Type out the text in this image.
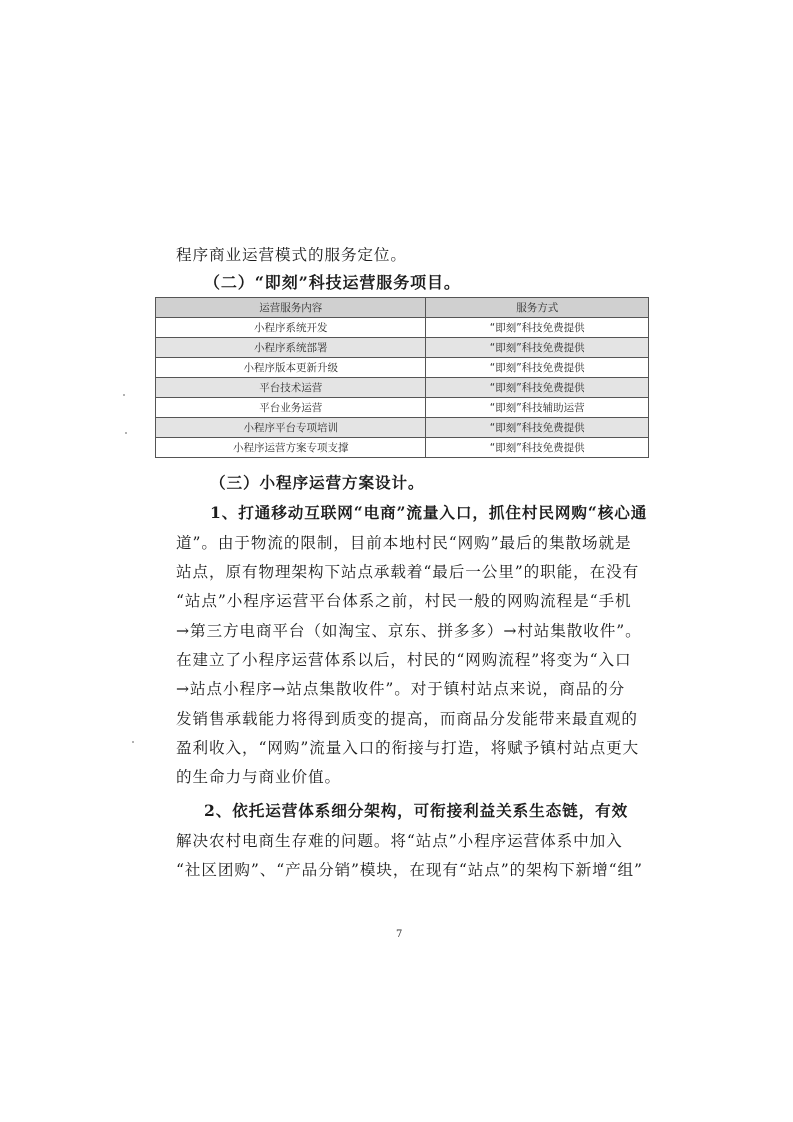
程序商业运营模式的服务定位。
（二）“即刻”科技运营服务项目。
运营服务内容	服务方式
小程序系统开发	“即刻”科技免费提供
小程序系统部署	“即刻”科技免费提供
小程序版本更新升级	“即刻”科技免费提供
平台技术运营	“即刻”科技免费提供
平台业务运营	“即刻”科技辅助运营
小程序平台专项培训	“即刻”科技免费提供
小程序运营方案专项支撑	“即刻”科技免费提供
（三）小程序运营方案设计。
1、打通移动互联网“电商”流量入口，抓住村民网购“核心通
道”。由于物流的限制，目前本地村民“网购”最后的集散场就是
站点，原有物理架构下站点承载着“最后一公里”的职能，在没有
“站点”小程序运营平台体系之前，村民一般的网购流程是“手机
→第三方电商平台（如淘宝、京东、拼多多）→村站集散收件”。
在建立了小程序运营体系以后，村民的“网购流程”将变为“入口
→站点小程序→站点集散收件”。对于镇村站点来说，商品的分
发销售承载能力将得到质变的提高，而商品分发能带来最直观的
盈利收入，“网购”流量入口的衔接与打造，将赋予镇村站点更大
的生命力与商业价值。
2、依托运营体系细分架构，可衔接利益关系生态链，有效
解决农村电商生存难的问题。将“站点”小程序运营体系中加入
“社区团购”、“产品分销”模块，在现有“站点”的架构下新增“组”
7
